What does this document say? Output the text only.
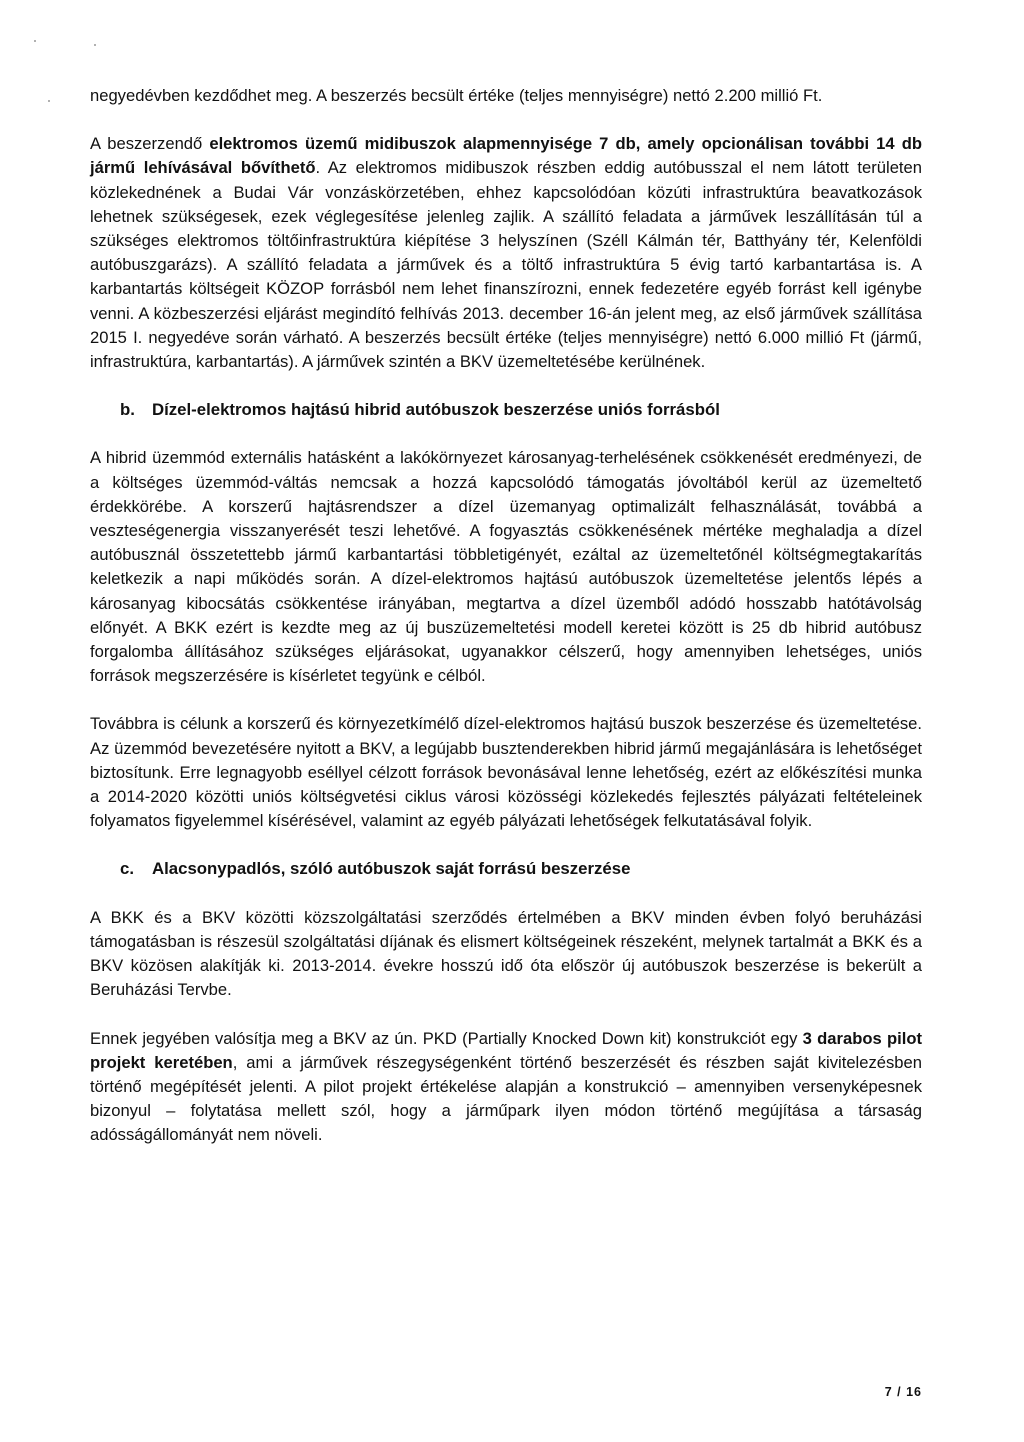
negyedévben kezdődhet meg. A beszerzés becsült értéke (teljes mennyiségre) nettó 2.200 millió Ft.

A beszerzendő elektromos üzemű midibuszok alapmennyisége 7 db, amely opcionálisan további 14 db jármű lehívásával bővíthető. Az elektromos midibuszok részben eddig autóbusszal el nem látott területen közlekednének a Budai Vár vonzáskörzetében, ehhez kapcsolódóan közúti infrastruktúra beavatkozások lehetnek szükségesek, ezek véglegesítése jelenleg zajlik. A szállító feladata a járművek leszállításán túl a szükséges elektromos töltőinfrastruktúra kiépítése 3 helyszínen (Széll Kálmán tér, Batthyány tér, Kelenföldi autóbuszgarázs). A szállító feladata a járművek és a töltő infrastruktúra 5 évig tartó karbantartása is. A karbantartás költségeit KÖZOP forrásból nem lehet finanszírozni, ennek fedezetére egyéb forrást kell igénybe venni. A közbeszerzési eljárást megindító felhívás 2013. december 16-án jelent meg, az első járművek szállítása 2015 I. negyedéve során várható. A beszerzés becsült értéke (teljes mennyiségre) nettó 6.000 millió Ft (jármű, infrastruktúra, karbantartás). A járművek szintén a BKV üzemeltetésébe kerülnének.

b. Dízel-elektromos hajtású hibrid autóbuszok beszerzése uniós forrásból

A hibrid üzemmód externális hatásként a lakókörnyezet károsanyag-terhelésének csökkenését eredményezi, de a költséges üzemmód-váltás nemcsak a hozzá kapcsolódó támogatás jóvoltából kerül az üzemeltető érdekkörébe. A korszerű hajtásrendszer a dízel üzemanyag optimalizált felhasználását, továbbá a veszteségenergia visszanyerését teszi lehetővé. A fogyasztás csökkenésének mértéke meghaladja a dízel autóbusznál összetettebb jármű karbantartási többletigényét, ezáltal az üzemeltetőnél költségmegtakarítás keletkezik a napi működés során. A dízel-elektromos hajtású autóbuszok üzemeltetése jelentős lépés a károsanyag kibocsátás csökkentése irányában, megtartva a dízel üzemből adódó hosszabb hatótávolság előnyét. A BKK ezért is kezdte meg az új buszüzemeltetési modell keretei között is 25 db hibrid autóbusz forgalomba állításához szükséges eljárásokat, ugyanakkor célszerű, hogy amennyiben lehetséges, uniós források megszerzésére is kísérletet tegyünk e célból.

Továbbra is célunk a korszerű és környezetkímélő dízel-elektromos hajtású buszok beszerzése és üzemeltetése. Az üzemmód bevezetésére nyitott a BKV, a legújabb busztenderekben hibrid jármű megajánlására is lehetőséget biztosítunk. Erre legnagyobb eséllyel célzott források bevonásával lenne lehetőség, ezért az előkészítési munka a 2014-2020 közötti uniós költségvetési ciklus városi közösségi közlekedés fejlesztés pályázati feltételeinek folyamatos figyelemmel kísérésével, valamint az egyéb pályázati lehetőségek felkutatásával folyik.

c. Alacsonypadlós, szóló autóbuszok saját forrású beszerzése

A BKK és a BKV közötti közszolgáltatási szerződés értelmében a BKV minden évben folyó beruházási támogatásban is részesül szolgáltatási díjának és elismert költségeinek részeként, melynek tartalmát a BKK és a BKV közösen alakítják ki. 2013-2014. évekre hosszú idő óta először új autóbuszok beszerzése is bekerült a Beruházási Tervbe.

Ennek jegyében valósítja meg a BKV az ún. PKD (Partially Knocked Down kit) konstrukciót egy 3 darabos pilot projekt keretében, ami a járművek részegységenként történő beszerzését és részben saját kivitelezésben történő megépítését jelenti. A pilot projekt értékelése alapján a konstrukció – amennyiben versenyképesnek bizonyul – folytatása mellett szól, hogy a járműpark ilyen módon történő megújítása a társaság adósságállományát nem növeli.

7 / 16
